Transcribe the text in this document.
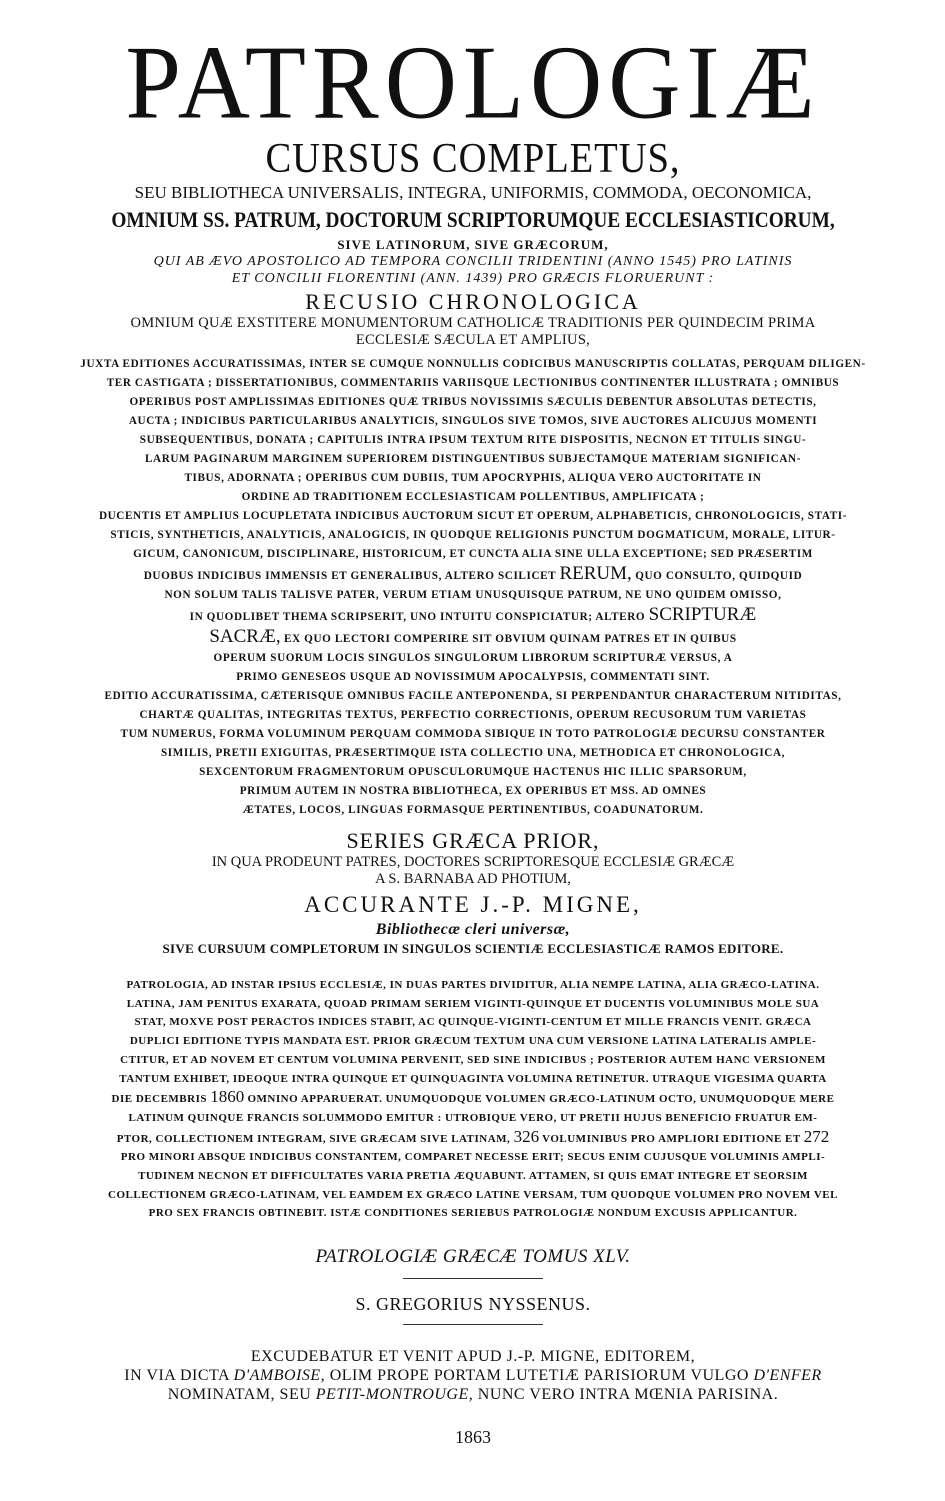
PATROLOGIÆ
CURSUS COMPLETUS,
SEU BIBLIOTHECA UNIVERSALIS, INTEGRA, UNIFORMIS, COMMODA, OECONOMICA,
OMNIUM SS. PATRUM, DOCTORUM SCRIPTORUMQUE ECCLESIASTICORUM,
SIVE LATINORUM, SIVE GRÆCORUM,
QUI AB ÆVO APOSTOLICO AD TEMPORA CONCILII TRIDENTINI (ANNO 1545) PRO LATINIS
ET CONCILII FLORENTINI (ANN. 1439) PRO GRÆCIS FLORUERUNT :
RECUSIO CHRONOLOGICA
OMNIUM QUÆ EXSTITERE MONUMENTORUM CATHOLICÆ TRADITIONIS PER QUINDECIM PRIMA
ECCLESIÆ SÆCULA ET AMPLIUS,
JUXTA EDITIONES ACCURATISSIMAS, INTER SE CUMQUE NONNULLIS CODICIBUS MANUSCRIPTIS COLLATAS, PERQUAM DILIGEN-
TER CASTIGATA ; DISSERTATIONIBUS, COMMENTARIIS VARIISQUE LECTIONIBUS CONTINENTER ILLUSTRATA ; OMNIBUS
OPERIBUS POST AMPLISSIMAS EDITIONES QUÆ TRIBUS NOVISSIMIS SÆCULIS DEBENTUR ABSOLUTAS DETECTIS,
AUCTA ; INDICIBUS PARTICULARIBUS ANALYTICIS, SINGULOS SIVE TOMOS, SIVE AUCTORES ALICUJUS MOMENTI
SUBSEQUENTIBUS, DONATA ; CAPITULIS INTRA IPSUM TEXTUM RITE DISPOSITIS, NECNON ET TITULIS SINGU-
LARUM PAGINARUM MARGINEM SUPERIOREM DISTINGUENTIBUS SUBJECTAMQUE MATERIAM SIGNIFICAN-
TIBUS, ADORNATA ; OPERIBUS CUM DUBIIS, TUM APOCRYPHIS, ALIQUA VERO AUCTORITATE IN
ORDINE AD TRADITIONEM ECCLESIASTICAM POLLENTIBUS, AMPLIFICATA ;
DUCENTIS ET AMPLIUS LOCUPLETATA INDICIBUS AUCTORUM SICUT ET OPERUM, ALPHABETICIS, CHRONOLOGICIS, STATI-
STICIS, SYNTHETICIS, ANALYTICIS, ANALOGICIS, IN QUODQUE RELIGIONIS PUNCTUM DOGMATICUM, MORALE, LITUR-
GICUM, CANONICUM, DISCIPLINARE, HISTORICUM, ET CUNCTA ALIA SINE ULLA EXCEPTIONE; SED PRÆSERTIM
DUOBUS INDICIBUS IMMENSIS ET GENERALIBUS, ALTERO SCILICET RERUM, QUO CONSULTO, QUIDQUID
NON SOLUM TALIS TALISVE PATER, VERUM ETIAM UNUSQUISQUE PATRUM, NE UNO QUIDEM OMISSO,
IN QUODLIBET THEMA SCRIPSERIT, UNO INTUITU CONSPICIATUR; ALTERO SCRIPTURÆ
SACRÆ, EX QUO LECTORI COMPERIRE SIT OBVIUM QUINAM PATRES ET IN QUIBUS
OPERUM SUORUM LOCIS SINGULOS SINGULORUM LIBRORUM SCRIPTURÆ VERSUS, A
PRIMO GENESEOS USQUE AD NOVISSIMUM APOCALYPSIS, COMMENTATI SINT.
EDITIO ACCURATISSIMA, CÆTERISQUE OMNIBUS FACILE ANTEPONENDA, SI PERPENDANTUR CHARACTERUM NITIDITAS,
CHARTÆ QUALITAS, INTEGRITAS TEXTUS, PERFECTIO CORRECTIONIS, OPERUM RECUSORUM TUM VARIETAS
TUM NUMERUS, FORMA VOLUMINUM PERQUAM COMMODA SIBIQUE IN TOTO PATROLOGIÆ DECURSU CONSTANTER
SIMILIS, PRETII EXIGUITAS, PRÆSERTIMQUE ISTA COLLECTIO UNA, METHODICA ET CHRONOLOGICA,
SEXCENTORUM FRAGMENTORUM OPUSCULORUMQUE HACTENUS HIC ILLIC SPARSORUM,
PRIMUM AUTEM IN NOSTRA BIBLIOTHECA, EX OPERIBUS ET MSS. AD OMNES
ÆTATES, LOCOS, LINGUAS FORMASQUE PERTINENTIBUS, COADUNATORUM.
SERIES GRÆCA PRIOR,
IN QUA PRODEUNT PATRES, DOCTORES SCRIPTORESQUE ECCLESIÆ GRÆCÆ
A S. BARNABA AD PHOTIUM,
ACCURANTE J.-P. MIGNE,
Bibliothecæ cleri universæ,
SIVE CURSUUM COMPLETORUM IN SINGULOS SCIENTIÆ ECCLESIASTICÆ RAMOS EDITORE.
PATROLOGIA, AD INSTAR IPSIUS ECCLESIÆ, IN DUAS PARTES DIVIDITUR, ALIA NEMPE LATINA, ALIA GRÆCO-LATINA.
LATINA, JAM PENITUS EXARATA, QUOAD PRIMAM SERIEM VIGINTI-QUINQUE ET DUCENTIS VOLUMINIBUS MOLE SUA
STAT, MOXVE POST PERACTOS INDICES STABIT, AC QUINQUE-VIGINTI-CENTUM ET MILLE FRANCIS VENIT. GRÆCA
DUPLICI EDITIONE TYPIS MANDATA EST. PRIOR GRÆCUM TEXTUM UNA CUM VERSIONE LATINA LATERALIS AMPLE-
CTITUR, ET AD NOVEM ET CENTUM VOLUMINA PERVENIT, SED SINE INDICIBUS ; POSTERIOR AUTEM HANC VERSIONEM
TANTUM EXHIBET, IDEOQUE INTRA QUINQUE ET QUINQUAGINTA VOLUMINA RETINETUR. UTRAQUE VIGESIMA QUARTA
DIE DECEMBRIS 1860 OMNINO APPARUERAT. UNUMQUODQUE VOLUMEN GRÆCO-LATINUM OCTO, UNUMQUODQUE MERE
LATINUM QUINQUE FRANCIS SOLUMMODO EMITUR : UTROBIQUE VERO, UT PRETII HUJUS BENEFICIO FRUATUR EM-
PTOR, COLLECTIONEM INTEGRAM, SIVE GRÆCAM SIVE LATINAM, 326 VOLUMINIBUS PRO AMPLIORI EDITIONE ET 272
PRO MINORI ABSQUE INDICIBUS CONSTANTEM, COMPARET NECESSE ERIT; SECUS ENIM CUJUSQUE VOLUMINIS AMPLI-
TUDINEM NECNON ET DIFFICULTATES VARIA PRETIA ÆQUABUNT. ATTAMEN, SI QUIS EMAT INTEGRE ET SEORSIM
COLLECTIONEM GRÆCO-LATINAM, VEL EAMDEM EX GRÆCO LATINE VERSAM, TUM QUODQUE VOLUMEN PRO NOVEM VEL
PRO SEX FRANCIS OBTINEBIT. ISTÆ CONDITIONES SERIEBUS PATROLOGIÆ NONDUM EXCUSIS APPLICANTUR.
PATROLOGIÆ GRÆCÆ TOMUS XLV.
S. GREGORIUS NYSSENUS.
EXCUDEBATUR ET VENIT APUD J.-P. MIGNE, EDITOREM,
IN VIA DICTA D'AMBOISE, OLIM PROPE PORTAM LUTETIÆ PARISIORUM VULGO D'ENFER
NOMINATAM, SEU PETIT-MONTROUGE, NUNC VERO INTRA MŒNIA PARISINA.
1863
